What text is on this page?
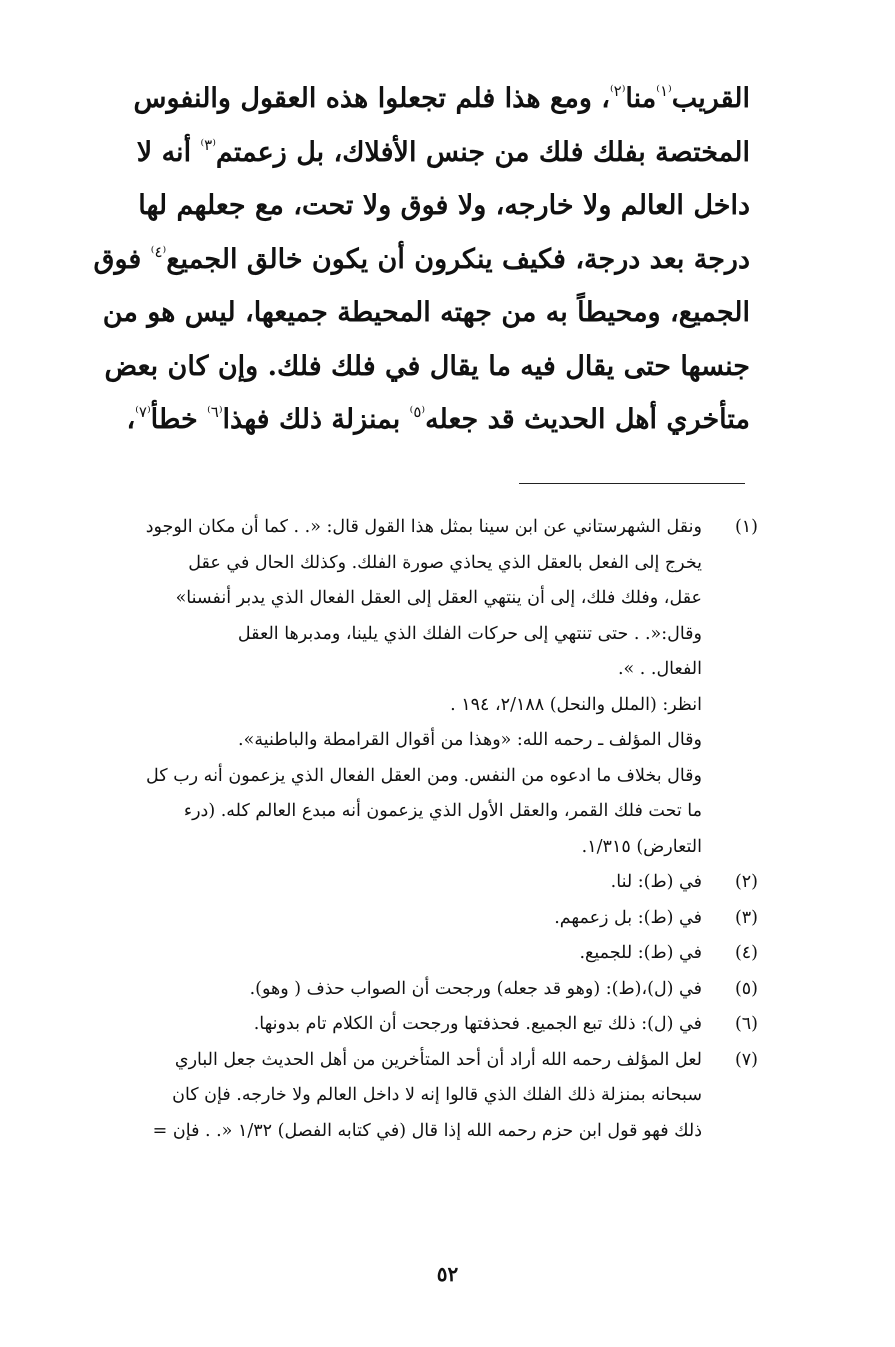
القريب$^{^(١^)}$منا$^{^(٢^)}$، ومع هذا فلم تجعلوا هذه العقول والنفوس
المختصة بفلك فلك من جنس الأفلاك، بل زعمتم$^{^(٣^)}$ أنه لا
داخل العالم ولا خارجه، ولا فوق ولا تحت، مع جعلهم لها
درجة بعد درجة، فكيف ينكرون أن يكون خالق الجميع$^{^(٤^)}$ فوق
الجميع، ومحيطاً به من جهته المحيطة جميعها، ليس هو من
جنسها حتى يقال فيه ما يقال في فلك فلك. وإن كان بعض
متأخري أهل الحديث قد جعله$^{^(٥^)}$ بمنزلة ذلك فهذا$^{^(٦^)}$ خطأ$^{^(٧^)}$،
(١)
ونقل الشهرستاني عن ابن سينا بمثل هذا القول قال: «. . كما أن مكان الوجود
يخرج إلى الفعل بالعقل الذي يحاذي صورة الفلك. وكذلك الحال في عقل
عقل، وفلك فلك، إلى أن ينتهي العقل إلى العقل الفعال الذي يدبر أنفسنا»
وقال:«. . حتى تنتهي إلى حركات الفلك الذي يلينا، ومدبرها العقل
الفعال. . ».
انظر: (الملل والنحل) ٢/١٨٨، ١٩٤ .
وقال المؤلف ـ رحمه الله: «وهذا من أقوال القرامطة والباطنية».
وقال بخلاف ما ادعوه من النفس. ومن العقل الفعال الذي يزعمون أنه رب كل
ما تحت فلك القمر، والعقل الأول الذي يزعمون أنه مبدع العالم كله. (درء
التعارض) ١/٣١٥.
(٢)
في (ط): لنا.
(٣)
في (ط): بل زعمهم.
(٤)
في (ط): للجميع.
(٥)
في (ل)،(ط): (وهو قد جعله) ورجحت أن الصواب حذف ( وهو).
(٦)
في (ل): ذلك تبع الجميع. فحذفتها ورجحت أن الكلام تام بدونها.
(٧)
لعل المؤلف رحمه الله أراد أن أحد المتأخرين من أهل الحديث جعل الباري
سبحانه بمنزلة ذلك الفلك الذي قالوا إنه لا داخل العالم ولا خارجه. فإن كان
ذلك فهو قول ابن حزم رحمه الله إذا قال (في كتابه الفصل) ١/٣٢ «. . فإن =
٥٢
